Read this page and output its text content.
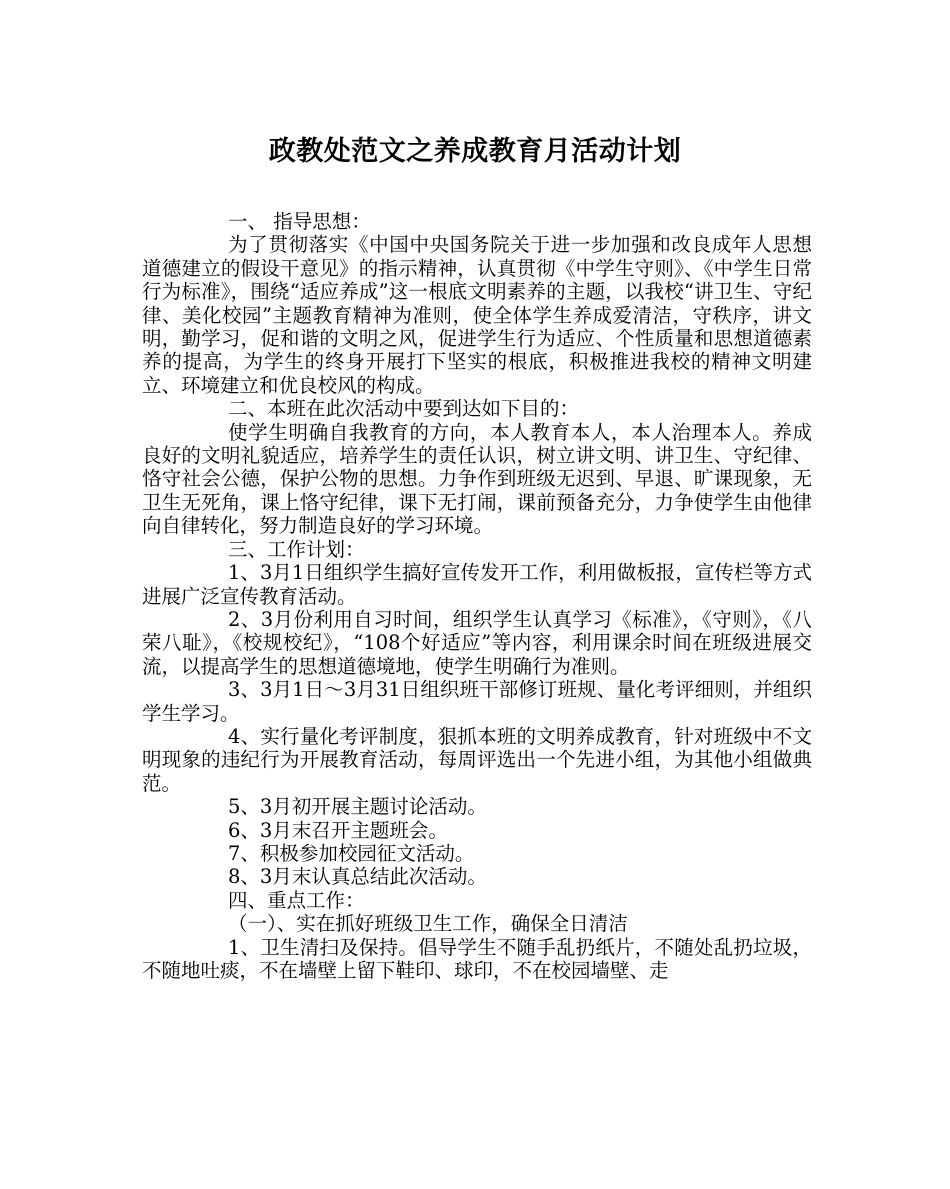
政教处范文之养成教育月活动计划

一、 指导思想：

为了贯彻落实《中国中央国务院关于进一步加强和改良成年人思想道德建立的假设干意见》的指示精神，认真贯彻《中学生守则》、《中学生日常行为标准》，围绕“适应养成”这一根底文明素养的主题，以我校“讲卫生、守纪律、美化校园”主题教育精神为准则，使全体学生养成爱清洁，守秩序，讲文明，勤学习，促和谐的文明之风，促进学生行为适应、个性质量和思想道德素养的提高，为学生的终身开展打下坚实的根底，积极推进我校的精神文明建立、环境建立和优良校风的构成。

二、本班在此次活动中要到达如下目的：

使学生明确自我教育的方向，本人教育本人，本人治理本人。养成良好的文明礼貌适应，培养学生的责任认识，树立讲文明、讲卫生、守纪律、恪守社会公德，保护公物的思想。力争作到班级无迟到、早退、旷课现象，无卫生无死角，课上恪守纪律，课下无打闹，课前预备充分，力争使学生由他律向自律转化，努力制造良好的学习环境。

三、工作计划：

1、3月1日组织学生搞好宣传发开工作，利用做板报，宣传栏等方式进展广泛宣传教育活动。

2、3月份利用自习时间，组织学生认真学习《标准》，《守则》，《八荣八耻》，《校规校纪》，“108个好适应”等内容，利用课余时间在班级进展交流，以提高学生的思想道德境地，使学生明确行为准则。

3、3月1日～3月31日组织班干部修订班规、量化考评细则，并组织学生学习。

4、实行量化考评制度，狠抓本班的文明养成教育，针对班级中不文明现象的违纪行为开展教育活动，每周评选出一个先进小组，为其他小组做典范。

5、3月初开展主题讨论活动。

6、3月末召开主题班会。

7、积极参加校园征文活动。

8、3月末认真总结此次活动。

四、重点工作：

（一）、实在抓好班级卫生工作，确保全日清洁

1、卫生清扫及保持。倡导学生不随手乱扔纸片，不随处乱扔垃圾，不随地吐痰，不在墙壁上留下鞋印、球印，不在校园墙壁、走
